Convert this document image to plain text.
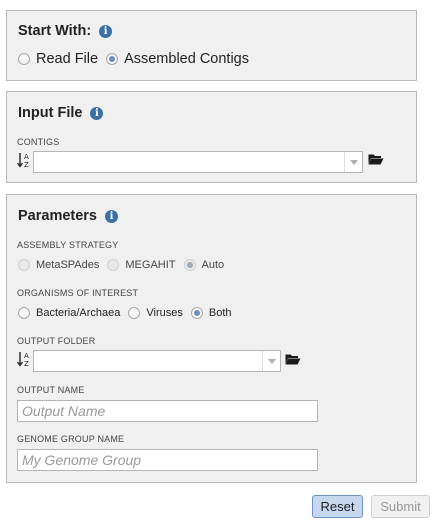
Start With:	i
Read File Assembled Contigs
Input File	i
CONTIGS
A
Z
Parameters	i
ASSEMBLY STRATEGY
MetaSPAdes MEGAHIT Auto
ORGANISMS OF INTEREST
Bacteria/Archaea Viruses Both
OUTPUT FOLDER
A
Z
OUTPUT NAME
Output Name
GENOME GROUP NAME
My Genome Group
Reset	Submit
